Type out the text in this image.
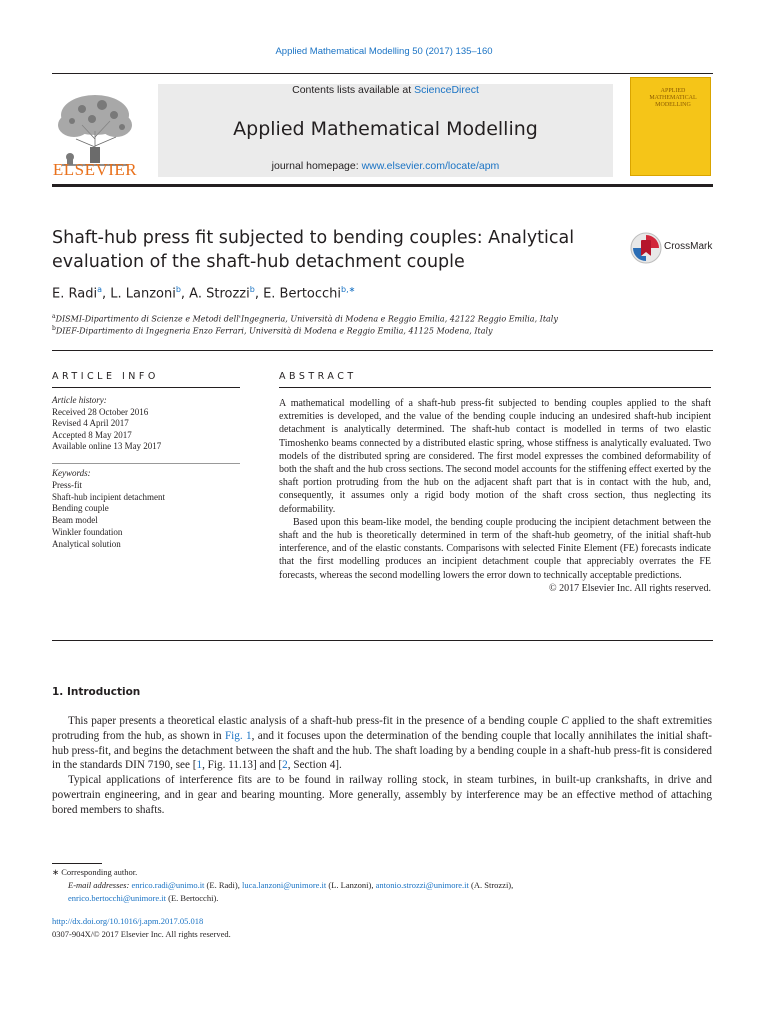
Applied Mathematical Modelling 50 (2017) 135–160
ELSEVIER
Contents lists available at ScienceDirect
Applied Mathematical Modelling
journal homepage: www.elsevier.com/locate/apm
APPLIED MATHEMATICAL MODELLING
Shaft-hub press fit subjected to bending couples: Analytical evaluation of the shaft-hub detachment couple
CrossMark
E. Radi$^a$, L. Lanzoni$^b$, A. Strozzi$^b$, E. Bertocchi$^{b,∗}$
$^a$DISMI-Dipartimento di Scienze e Metodi dell'Ingegneria, Università di Modena e Reggio Emilia, 42122 Reggio Emilia, Italy
$^b$DIEF-Dipartimento di Ingegneria Enzo Ferrari, Università di Modena e Reggio Emilia, 41125 Modena, Italy
ARTICLE INFO
Article history:
Received 28 October 2016
Revised 4 April 2017
Accepted 8 May 2017
Available online 13 May 2017
Keywords:
Press-fit
Shaft-hub incipient detachment
Bending couple
Beam model
Winkler foundation
Analytical solution
ABSTRACT

A mathematical modelling of a shaft-hub press-fit subjected to bending couples applied to the shaft extremities is developed, and the value of the bending couple inducing an undesired shaft-hub incipient detachment is analytically determined. The shaft-hub contact is modelled in terms of two elastic Timoshenko beams connected by a distributed elastic spring, whose stiffness is analytically evaluated. Two models of the distributed spring are considered. The first model expresses the combined deformability of both the shaft and the hub cross sections. The second model accounts for the stiffening effect exerted by the shaft portion protruding from the hub on the adjacent shaft part that is in contact with the hub, and, consequently, it assumes only a rigid body motion of the shaft cross section, thus neglecting its deformability.

Based upon this beam-like model, the bending couple producing the incipient detachment between the shaft and the hub is theoretically determined in term of the shaft-hub geometry, of the initial shaft-hub interference, and of the elastic constants. Comparisons with selected Finite Element (FE) forecasts indicate that the first modelling produces an incipient detachment couple that appreciably overrates the FE forecasts, whereas the second modelling lowers the error down to technically acceptable predictions.

© 2017 Elsevier Inc. All rights reserved.
1. Introduction

This paper presents a theoretical elastic analysis of a shaft-hub press-fit in the presence of a bending couple C applied to the shaft extremities protruding from the hub, as shown in Fig. 1, and it focuses upon the determination of the bending couple that locally annihilates the initial shaft-hub press-fit, and begins the detachment between the shaft and the hub. The shaft loading by a bending couple in a shaft-hub press-fit is considered in the standards DIN 7190, see [1, Fig. 11.13] and [2, Section 4].

Typical applications of interference fits are to be found in railway rolling stock, in steam turbines, in built-up crankshafts, in drive and powertrain engineering, and in gear and bearing mounting. More generally, assembly by interference may be an effective method of attaching bored members to shafts.

∗ Corresponding author.
E-mail addresses: enrico.radi@unimo.it (E. Radi), luca.lanzoni@unimore.it (L. Lanzoni), antonio.strozzi@unimore.it (A. Strozzi),
enrico.bertocchi@unimore.it (E. Bertocchi).
http://dx.doi.org/10.1016/j.apm.2017.05.018
0307-904X/© 2017 Elsevier Inc. All rights reserved.
